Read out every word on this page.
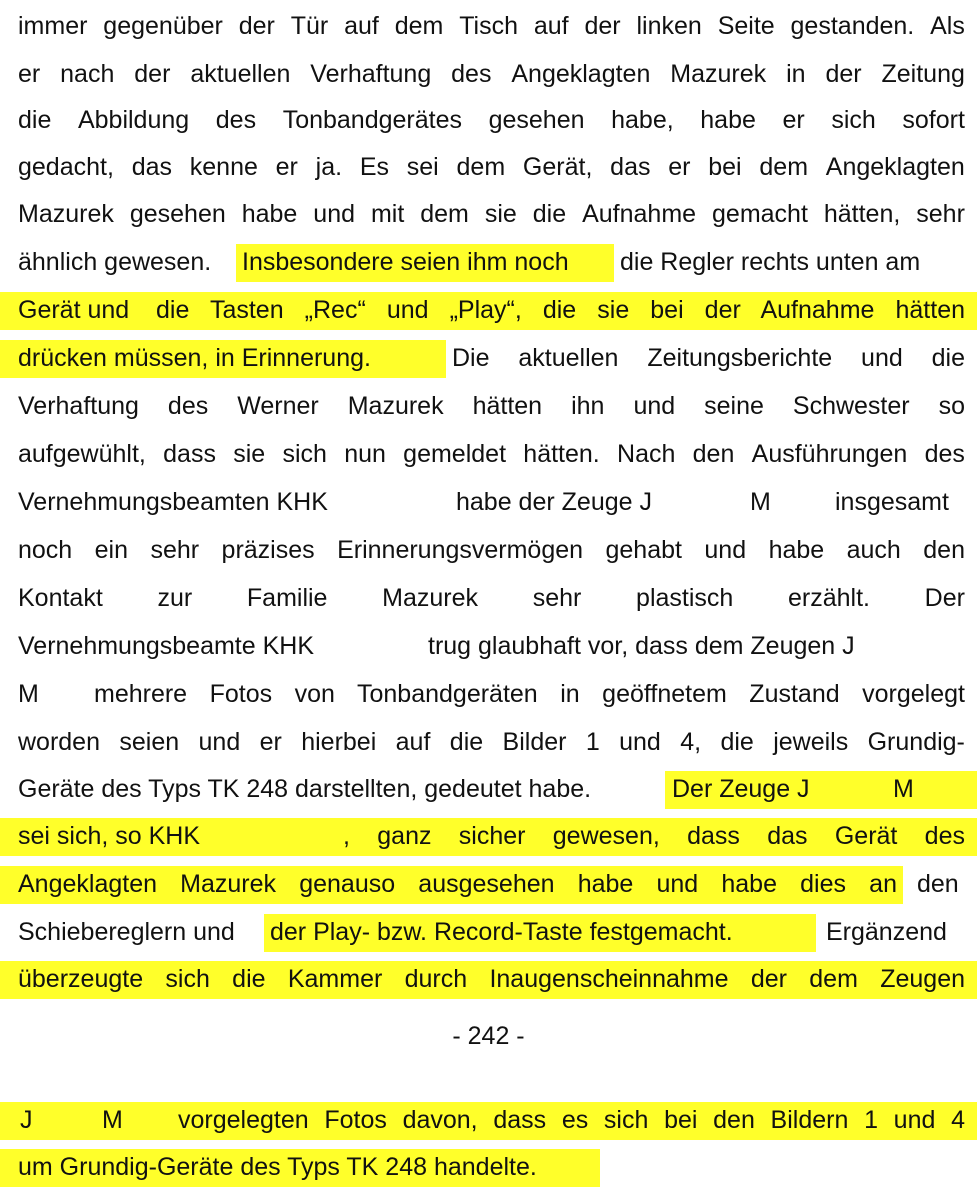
immer gegenüber der Tür auf dem Tisch auf der linken Seite gestanden. Als
er nach der aktuellen Verhaftung des Angeklagten Mazurek in der Zeitung
die Abbildung des Tonbandgerätes gesehen habe, habe er sich sofort
gedacht, das kenne er ja. Es sei dem Gerät, das er bei dem Angeklagten
Mazurek gesehen habe und mit dem sie die Aufnahme gemacht hätten, sehr
ähnlich gewesen. Insbesondere seien ihm noch die Regler rechts unten am
Gerät und die Tasten „Rec“ und „Play“, die sie bei der Aufnahme hätten
drücken müssen, in Erinnerung.	Die aktuellen Zeitungsberichte und die
Verhaftung des Werner Mazurek hätten ihn und seine Schwester so
aufgewühlt, dass sie sich nun gemeldet hätten. Nach den Ausführungen des
Vernehmungsbeamten KHK	habe der Zeuge J	M	insgesamt
noch ein sehr präzises Erinnerungsvermögen gehabt und habe auch den
Kontakt zur Familie Mazurek sehr plastisch erzählt. Der
Vernehmungsbeamte KHK	trug glaubhaft vor, dass dem Zeugen J
M mehrere Fotos von Tonbandgeräten in geöffnetem Zustand vorgelegt
worden seien und er hierbei auf die Bilder 1 und 4, die jeweils Grundig-
Geräte des Typs TK 248 darstellten, gedeutet habe.	Der Zeuge J	M
sei sich, so KHK	, ganz sicher gewesen, dass das Gerät des
Angeklagten Mazurek genauso ausgesehen habe und habe dies an den
Schiebereglern und der Play- bzw. Record-Taste festgemacht.	Ergänzend
überzeugte sich die Kammer durch Inaugenscheinnahme der dem Zeugen
- 242 -
J	M vorgelegten Fotos davon, dass es sich bei den Bildern 1 und 4
um Grundig-Geräte des Typs TK 248 handelte.
